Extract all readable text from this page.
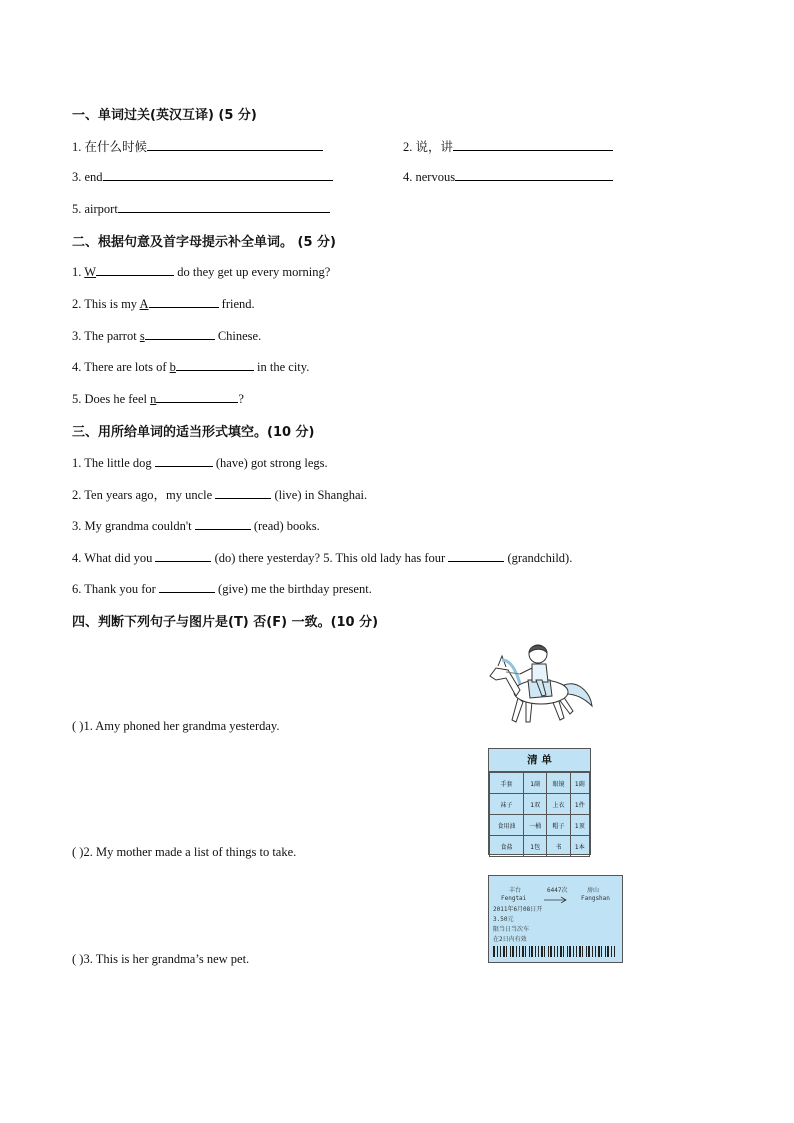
一、单词过关(英汉互译) (5 分)
1. 在什么时候	2. 说，讲
3. end	4. nervous
5. airport
二、根据句意及首字母提示补全单词。 (5 分)
1. W	do they get up every morning?
2. This is my A	friend.
3. The parrot s	Chinese.
4. There are lots of b	in the city.
5. Does he feel n	?
三、用所给单词的适当形式填空。(10 分)
1. The little dog	(have) got strong legs.
2. Ten years ago，my uncle	(live) in Shanghai.
3. My grandma couldn't	(read) books.
4. What did you	(do) there yesterday? 5. This old lady has four	(grandchild).
6. Thank you for	(give) me the birthday present.
四、判断下列句子与图片是(T) 否(F) 一致。(10 分)
( )1. Amy phoned her grandma yesterday.
( )2. My mother made a list of things to take.
( )3. This is her grandma’s new pet.
清 单
手套	1副	眼镜	1副
袜子	1双	上衣	1件
食用油	一桶	帽子	1顶
食盐	1包	书	1本
丰台	6447次	房山
Fengtai	Fangshan
2011年6月08日开
3.50元
限当日当次车
在2日内有效
